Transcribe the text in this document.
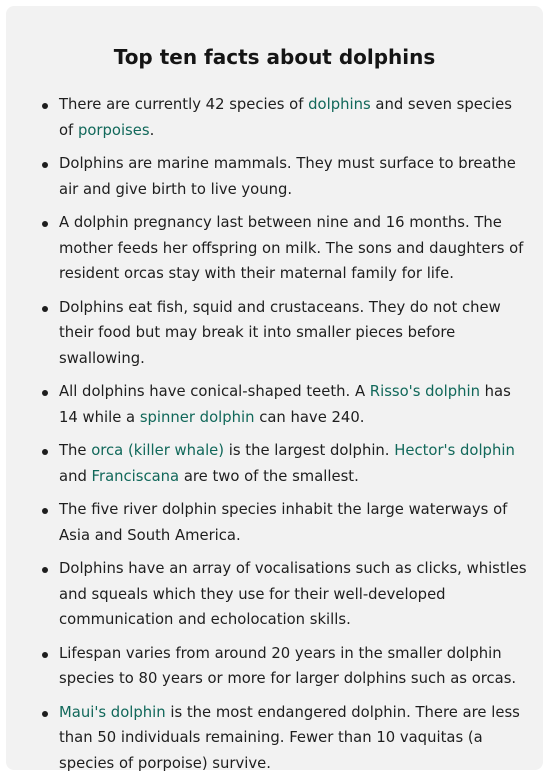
Top ten facts about dolphins
There are currently 42 species of dolphins and seven species of porpoises.
Dolphins are marine mammals. They must surface to breathe air and give birth to live young.
A dolphin pregnancy last between nine and 16 months. The mother feeds her offspring on milk. The sons and daughters of resident orcas stay with their maternal family for life.
Dolphins eat fish, squid and crustaceans. They do not chew their food but may break it into smaller pieces before swallowing.
All dolphins have conical-shaped teeth. A Risso's dolphin has 14 while a spinner dolphin can have 240.
The orca (killer whale) is the largest dolphin. Hector's dolphin and Franciscana are two of the smallest.
The five river dolphin species inhabit the large waterways of Asia and South America.
Dolphins have an array of vocalisations such as clicks, whistles and squeals which they use for their well-developed communication and echolocation skills.
Lifespan varies from around 20 years in the smaller dolphin species to 80 years or more for larger dolphins such as orcas.
Maui's dolphin is the most endangered dolphin. There are less than 50 individuals remaining. Fewer than 10 vaquitas (a species of porpoise) survive.
